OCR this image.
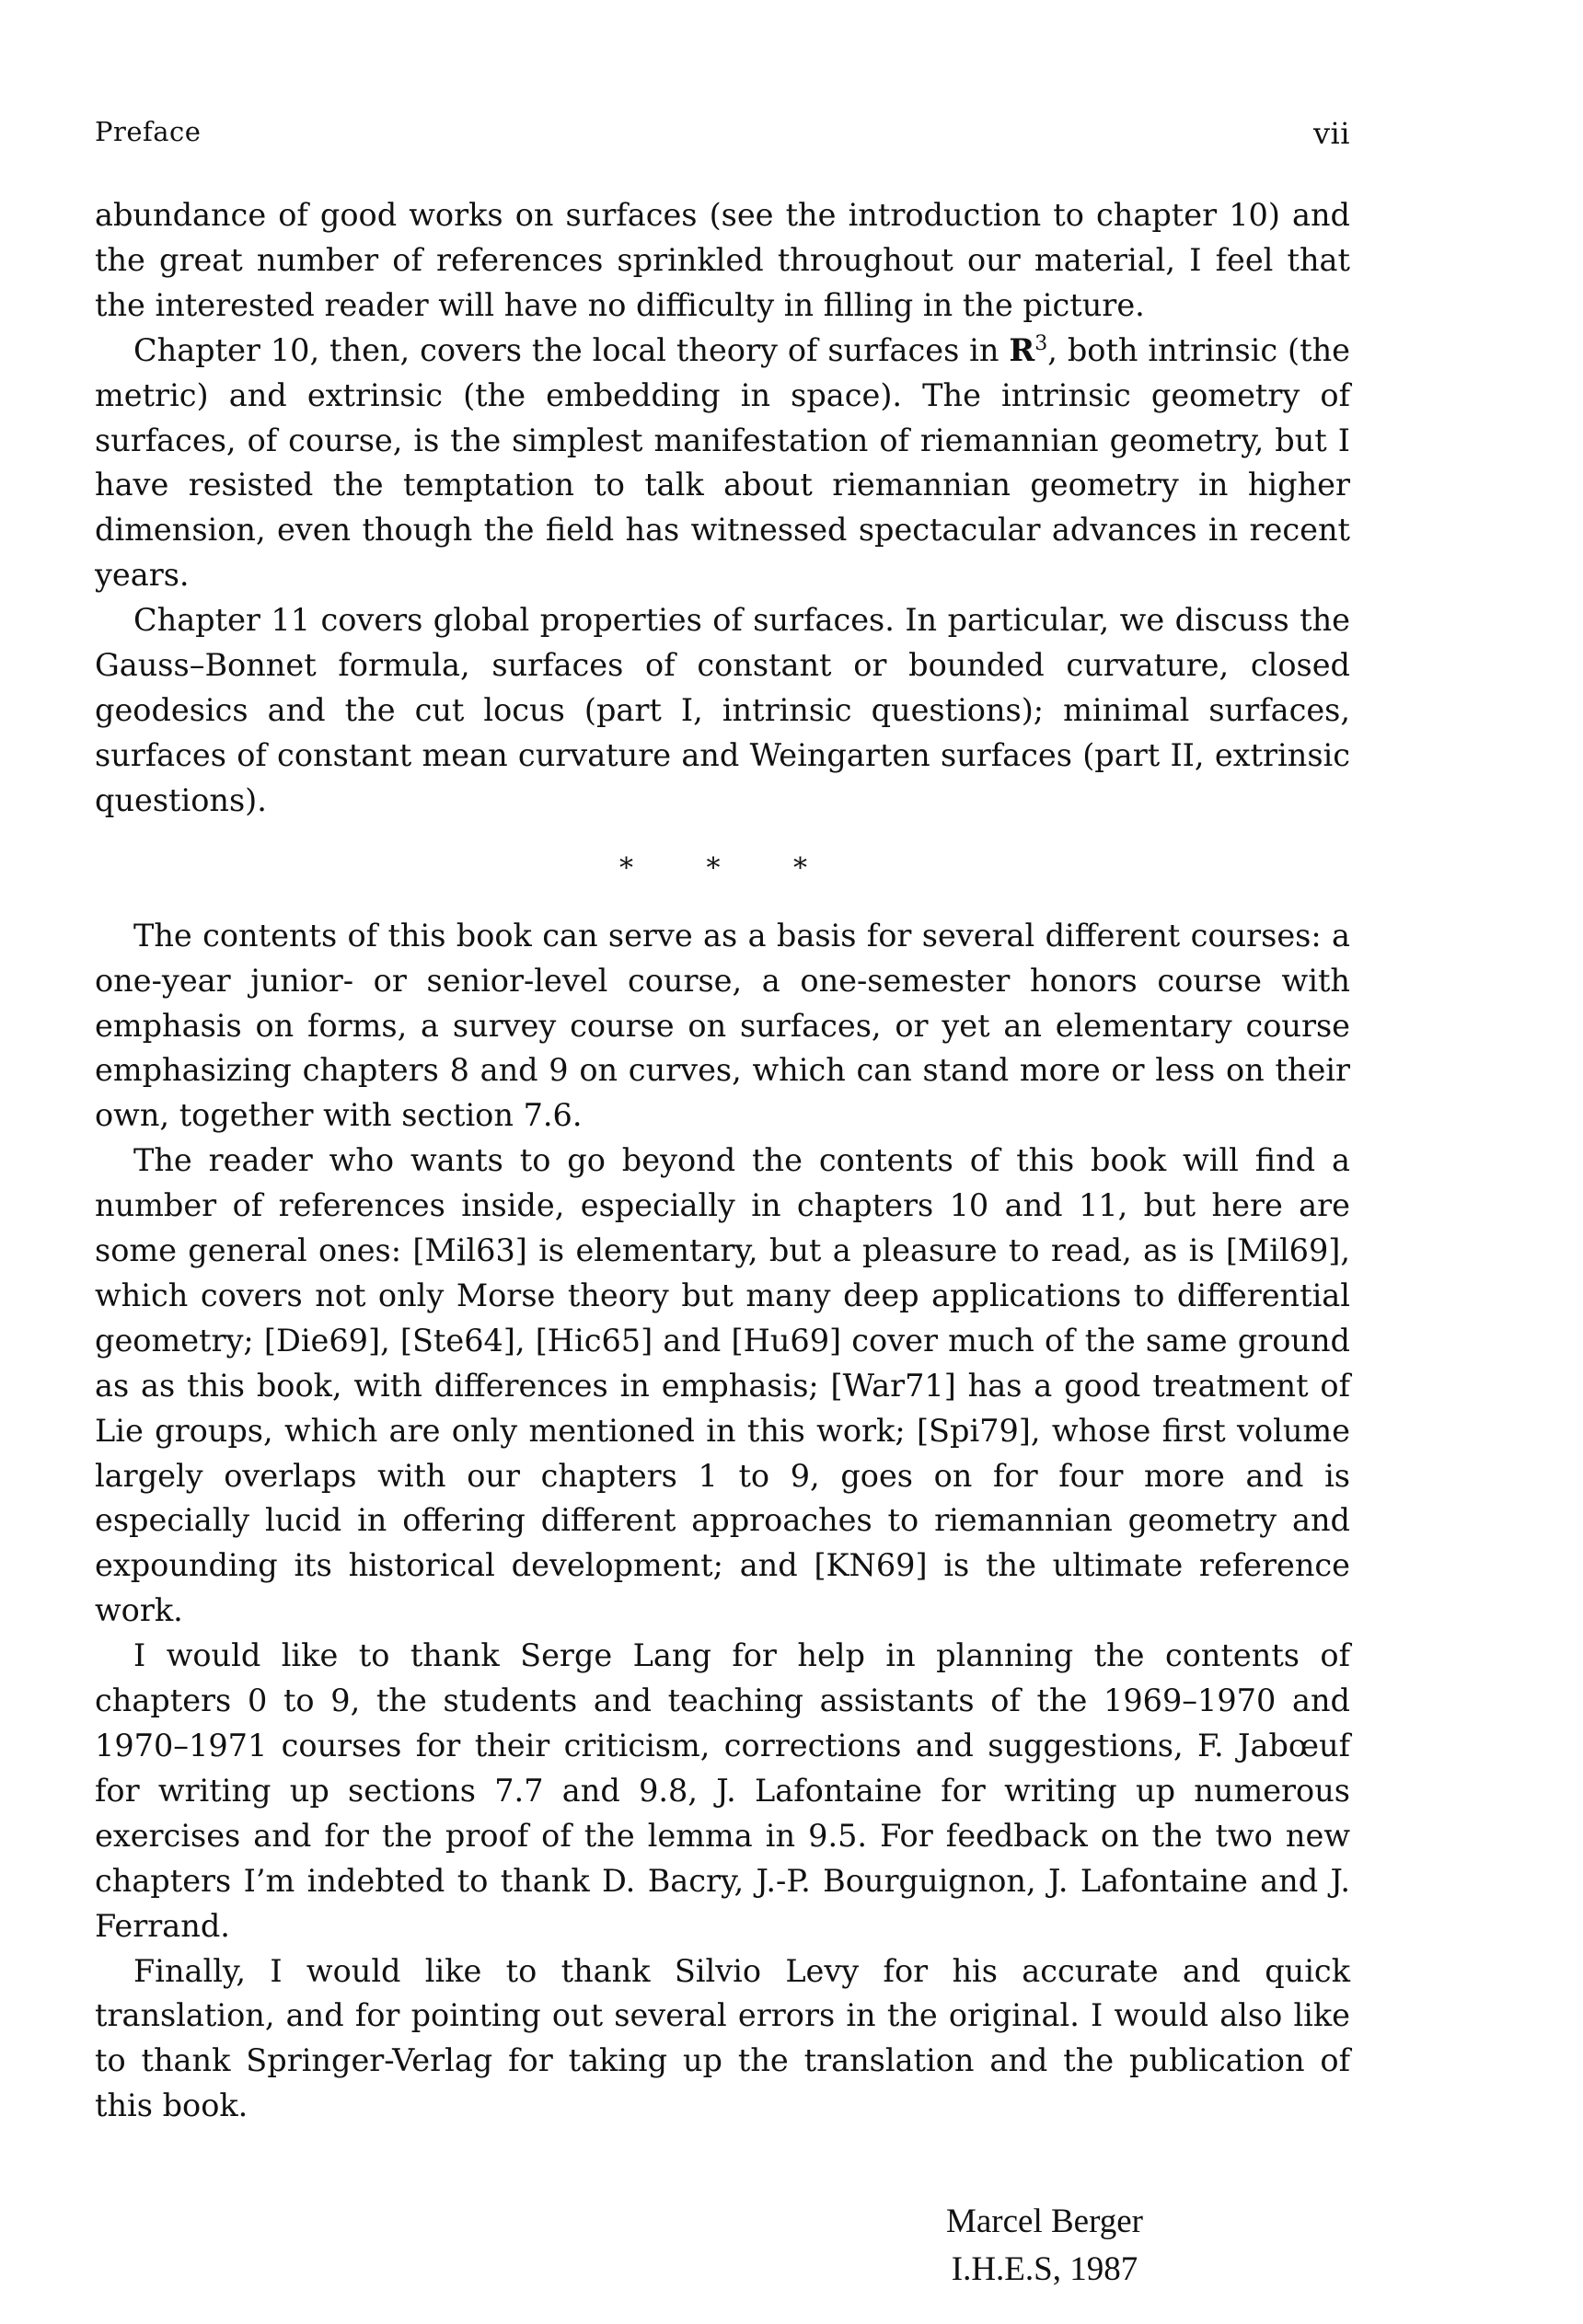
Preface	vii

abundance of good works on surfaces (see the introduction to chapter 10) and the great number of references sprinkled throughout our material, I feel that the interested reader will have no difficulty in filling in the picture.

Chapter 10, then, covers the local theory of surfaces in $R^3$, both intrinsic (the metric) and extrinsic (the embedding in space). The intrinsic geometry of surfaces, of course, is the simplest manifestation of riemannian geometry, but I have resisted the temptation to talk about riemannian geometry in higher dimension, even though the field has witnessed spectacular advances in recent years.

Chapter 11 covers global properties of surfaces. In particular, we discuss the Gauss–Bonnet formula, surfaces of constant or bounded curvature, closed geodesics and the cut locus (part I, intrinsic questions); minimal surfaces, surfaces of constant mean curvature and Weingarten surfaces (part II, extrinsic questions).

* * *

The contents of this book can serve as a basis for several different courses: a one-year junior- or senior-level course, a one-semester honors course with emphasis on forms, a survey course on surfaces, or yet an elementary course emphasizing chapters 8 and 9 on curves, which can stand more or less on their own, together with section 7.6.

The reader who wants to go beyond the contents of this book will find a number of references inside, especially in chapters 10 and 11, but here are some general ones: [Mil63] is elementary, but a pleasure to read, as is [Mil69], which covers not only Morse theory but many deep applications to differential geometry; [Die69], [Ste64], [Hic65] and [Hu69] cover much of the same ground as as this book, with differences in emphasis; [War71] has a good treatment of Lie groups, which are only mentioned in this work; [Spi79], whose first volume largely overlaps with our chapters 1 to 9, goes on for four more and is especially lucid in offering different approaches to riemannian geometry and expounding its historical development; and [KN69] is the ultimate reference work.

I would like to thank Serge Lang for help in planning the contents of chapters 0 to 9, the students and teaching assistants of the 1969–1970 and 1970–1971 courses for their criticism, corrections and suggestions, F. Jabœuf for writing up sections 7.7 and 9.8, J. Lafontaine for writing up numerous exercises and for the proof of the lemma in 9.5. For feedback on the two new chapters I’m indebted to thank D. Bacry, J.-P. Bourguignon, J. Lafontaine and J. Ferrand.

Finally, I would like to thank Silvio Levy for his accurate and quick translation, and for pointing out several errors in the original. I would also like to thank Springer-Verlag for taking up the translation and the publication of this book.

Marcel Berger
I.H.E.S, 1987
